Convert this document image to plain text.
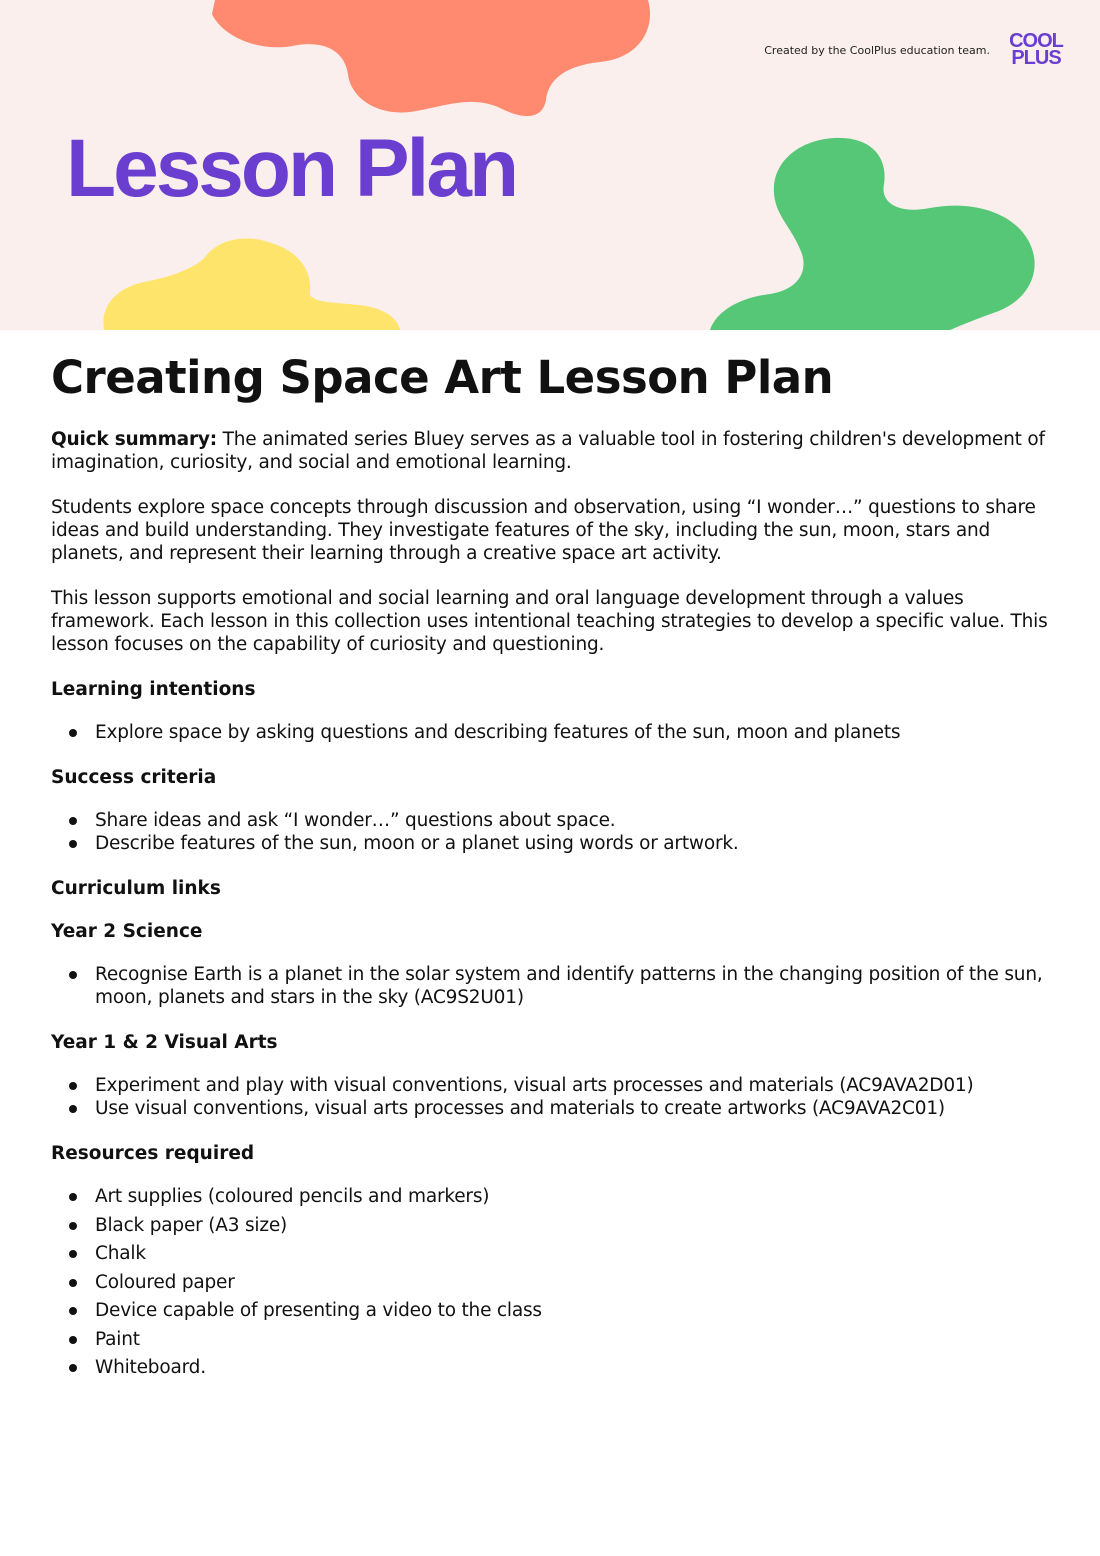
Created by the CoolPlus education team. COOL
PLUS
Lesson Plan
Creating Space Art Lesson Plan

Quick summary: The animated series Bluey serves as a valuable tool in fostering children's development of imagination, curiosity, and social and emotional learning.

Students explore space concepts through discussion and observation, using “I wonder…” questions to share ideas and build understanding. They investigate features of the sky, including the sun, moon, stars and planets, and represent their learning through a creative space art activity.

This lesson supports emotional and social learning and oral language development through a values framework. Each lesson in this collection uses intentional teaching strategies to develop a specific value. This lesson focuses on the capability of curiosity and questioning.

Learning intentions
Explore space by asking questions and describing features of the sun, moon and planets
Success criteria
Share ideas and ask “I wonder…” questions about space.
Describe features of the sun, moon or a planet using words or artwork.
Curriculum links
Year 2 Science
Recognise Earth is a planet in the solar system and identify patterns in the changing position of the sun, moon, planets and stars in the sky (AC9S2U01)
Year 1 & 2 Visual Arts
Experiment and play with visual conventions, visual arts processes and materials (AC9AVA2D01)
Use visual conventions, visual arts processes and materials to create artworks (AC9AVA2C01)
Resources required
Art supplies (coloured pencils and markers)
Black paper (A3 size)
Chalk
Coloured paper
Device capable of presenting a video to the class
Paint
Whiteboard.
